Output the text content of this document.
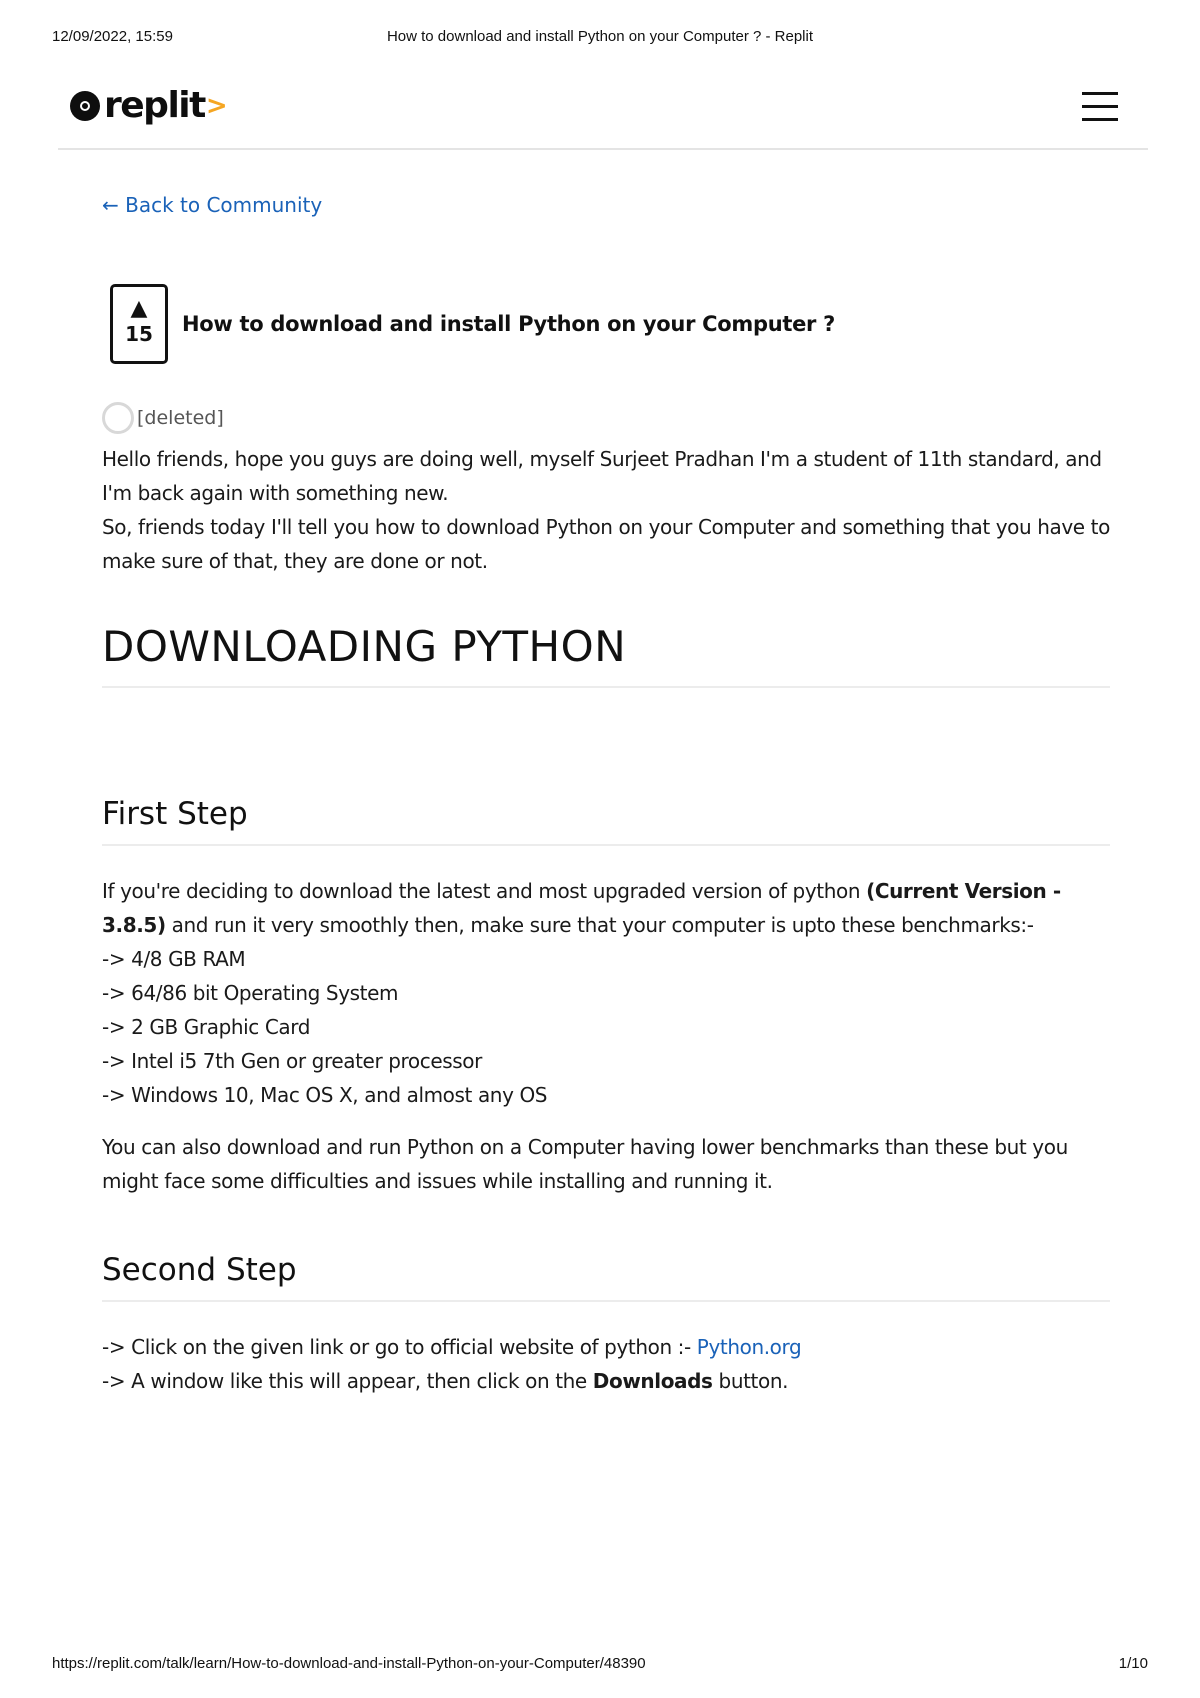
12/09/2022, 15:59	How to download and install Python on your Computer ? - Replit
replit >
← Back to Community
▲
15	How to download and install Python on your Computer ?
[deleted]
Hello friends, hope you guys are doing well, myself Surjeet Pradhan I'm a student of 11th standard, and I'm back again with something new.
So, friends today I'll tell you how to download Python on your Computer and something that you have to make sure of that, they are done or not.
DOWNLOADING PYTHON
First Step
If you're deciding to download the latest and most upgraded version of python (Current Version - 3.8.5) and run it very smoothly then, make sure that your computer is upto these benchmarks:-
-> 4/8 GB RAM
-> 64/86 bit Operating System
-> 2 GB Graphic Card
-> Intel i5 7th Gen or greater processor
-> Windows 10, Mac OS X, and almost any OS
You can also download and run Python on a Computer having lower benchmarks than these but you might face some difficulties and issues while installing and running it.
Second Step
-> Click on the given link or go to official website of python :- Python.org
-> A window like this will appear, then click on the Downloads button.
https://replit.com/talk/learn/How-to-download-and-install-Python-on-your-Computer/48390	1/10
